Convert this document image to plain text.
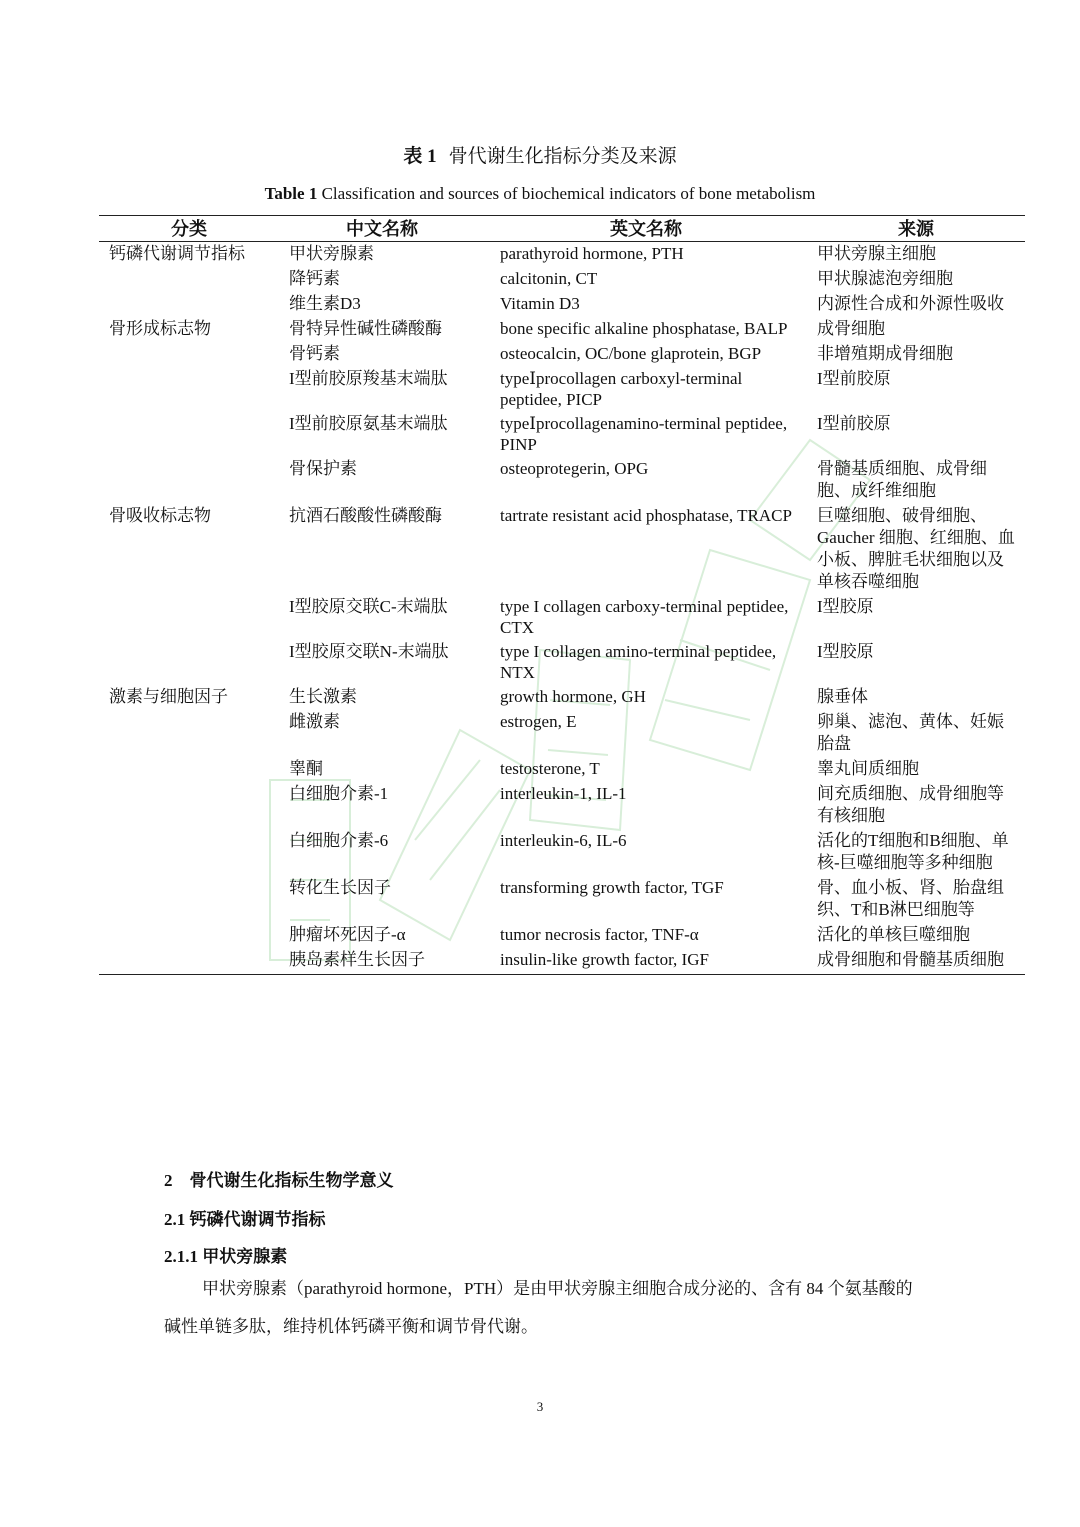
表 1 骨代谢生化指标分类及来源
Table 1 Classification and sources of biochemical indicators of bone metabolism
分类	中文名称	英文名称	来源
钙磷代谢调节指标	甲状旁腺素	parathyroid hormone, PTH	甲状旁腺主细胞
	降钙素	calcitonin, CT	甲状腺滤泡旁细胞
	维生素D3	Vitamin D3	内源性合成和外源性吸收
骨形成标志物	骨特异性碱性磷酸酶	bone specific alkaline phosphatase, BALP	成骨细胞
	骨钙素	osteocalcin, OC/bone glaprotein, BGP	非增殖期成骨细胞
	I型前胶原羧基末端肽	typeⅠprocollagen carboxyl-terminal peptidee, PICP	I型前胶原
	I型前胶原氨基末端肽	typeⅠprocollagenamino-terminal peptidee, PINP	I型前胶原
	骨保护素	osteoprotegerin, OPG	骨髓基质细胞、成骨细胞、成纤维细胞
骨吸收标志物	抗酒石酸酸性磷酸酶	tartrate resistant acid phosphatase, TRACP	巨噬细胞、破骨细胞、Gaucher 细胞、红细胞、血小板、脾脏毛状细胞以及单核吞噬细胞
	I型胶原交联C-末端肽	type I collagen carboxy-terminal peptidee, CTX	I型胶原
	I型胶原交联N-末端肽	type I collagen amino-terminal peptidee, NTX	I型胶原
激素与细胞因子	生长激素	growth hormone, GH	腺垂体
	雌激素	estrogen, E	卵巢、滤泡、黄体、妊娠胎盘
	睾酮	testosterone, T	睾丸间质细胞
	白细胞介素-1	interleukin-1, IL-1	间充质细胞、成骨细胞等有核细胞
	白细胞介素-6	interleukin-6, IL-6	活化的T细胞和B细胞、单核-巨噬细胞等多种细胞
	转化生长因子	transforming growth factor, TGF	骨、血小板、肾、胎盘组织、T和B淋巴细胞等
	肿瘤坏死因子-α	tumor necrosis factor, TNF-α	活化的单核巨噬细胞
	胰岛素样生长因子	insulin-like growth factor, IGF	成骨细胞和骨髓基质细胞
2　骨代谢生化指标生物学意义
2.1 钙磷代谢调节指标
2.1.1 甲状旁腺素
甲状旁腺素（parathyroid hormone，PTH）是由甲状旁腺主细胞合成分泌的、含有 84 个氨基酸的碱性单链多肽，维持机体钙磷平衡和调节骨代谢。
3
